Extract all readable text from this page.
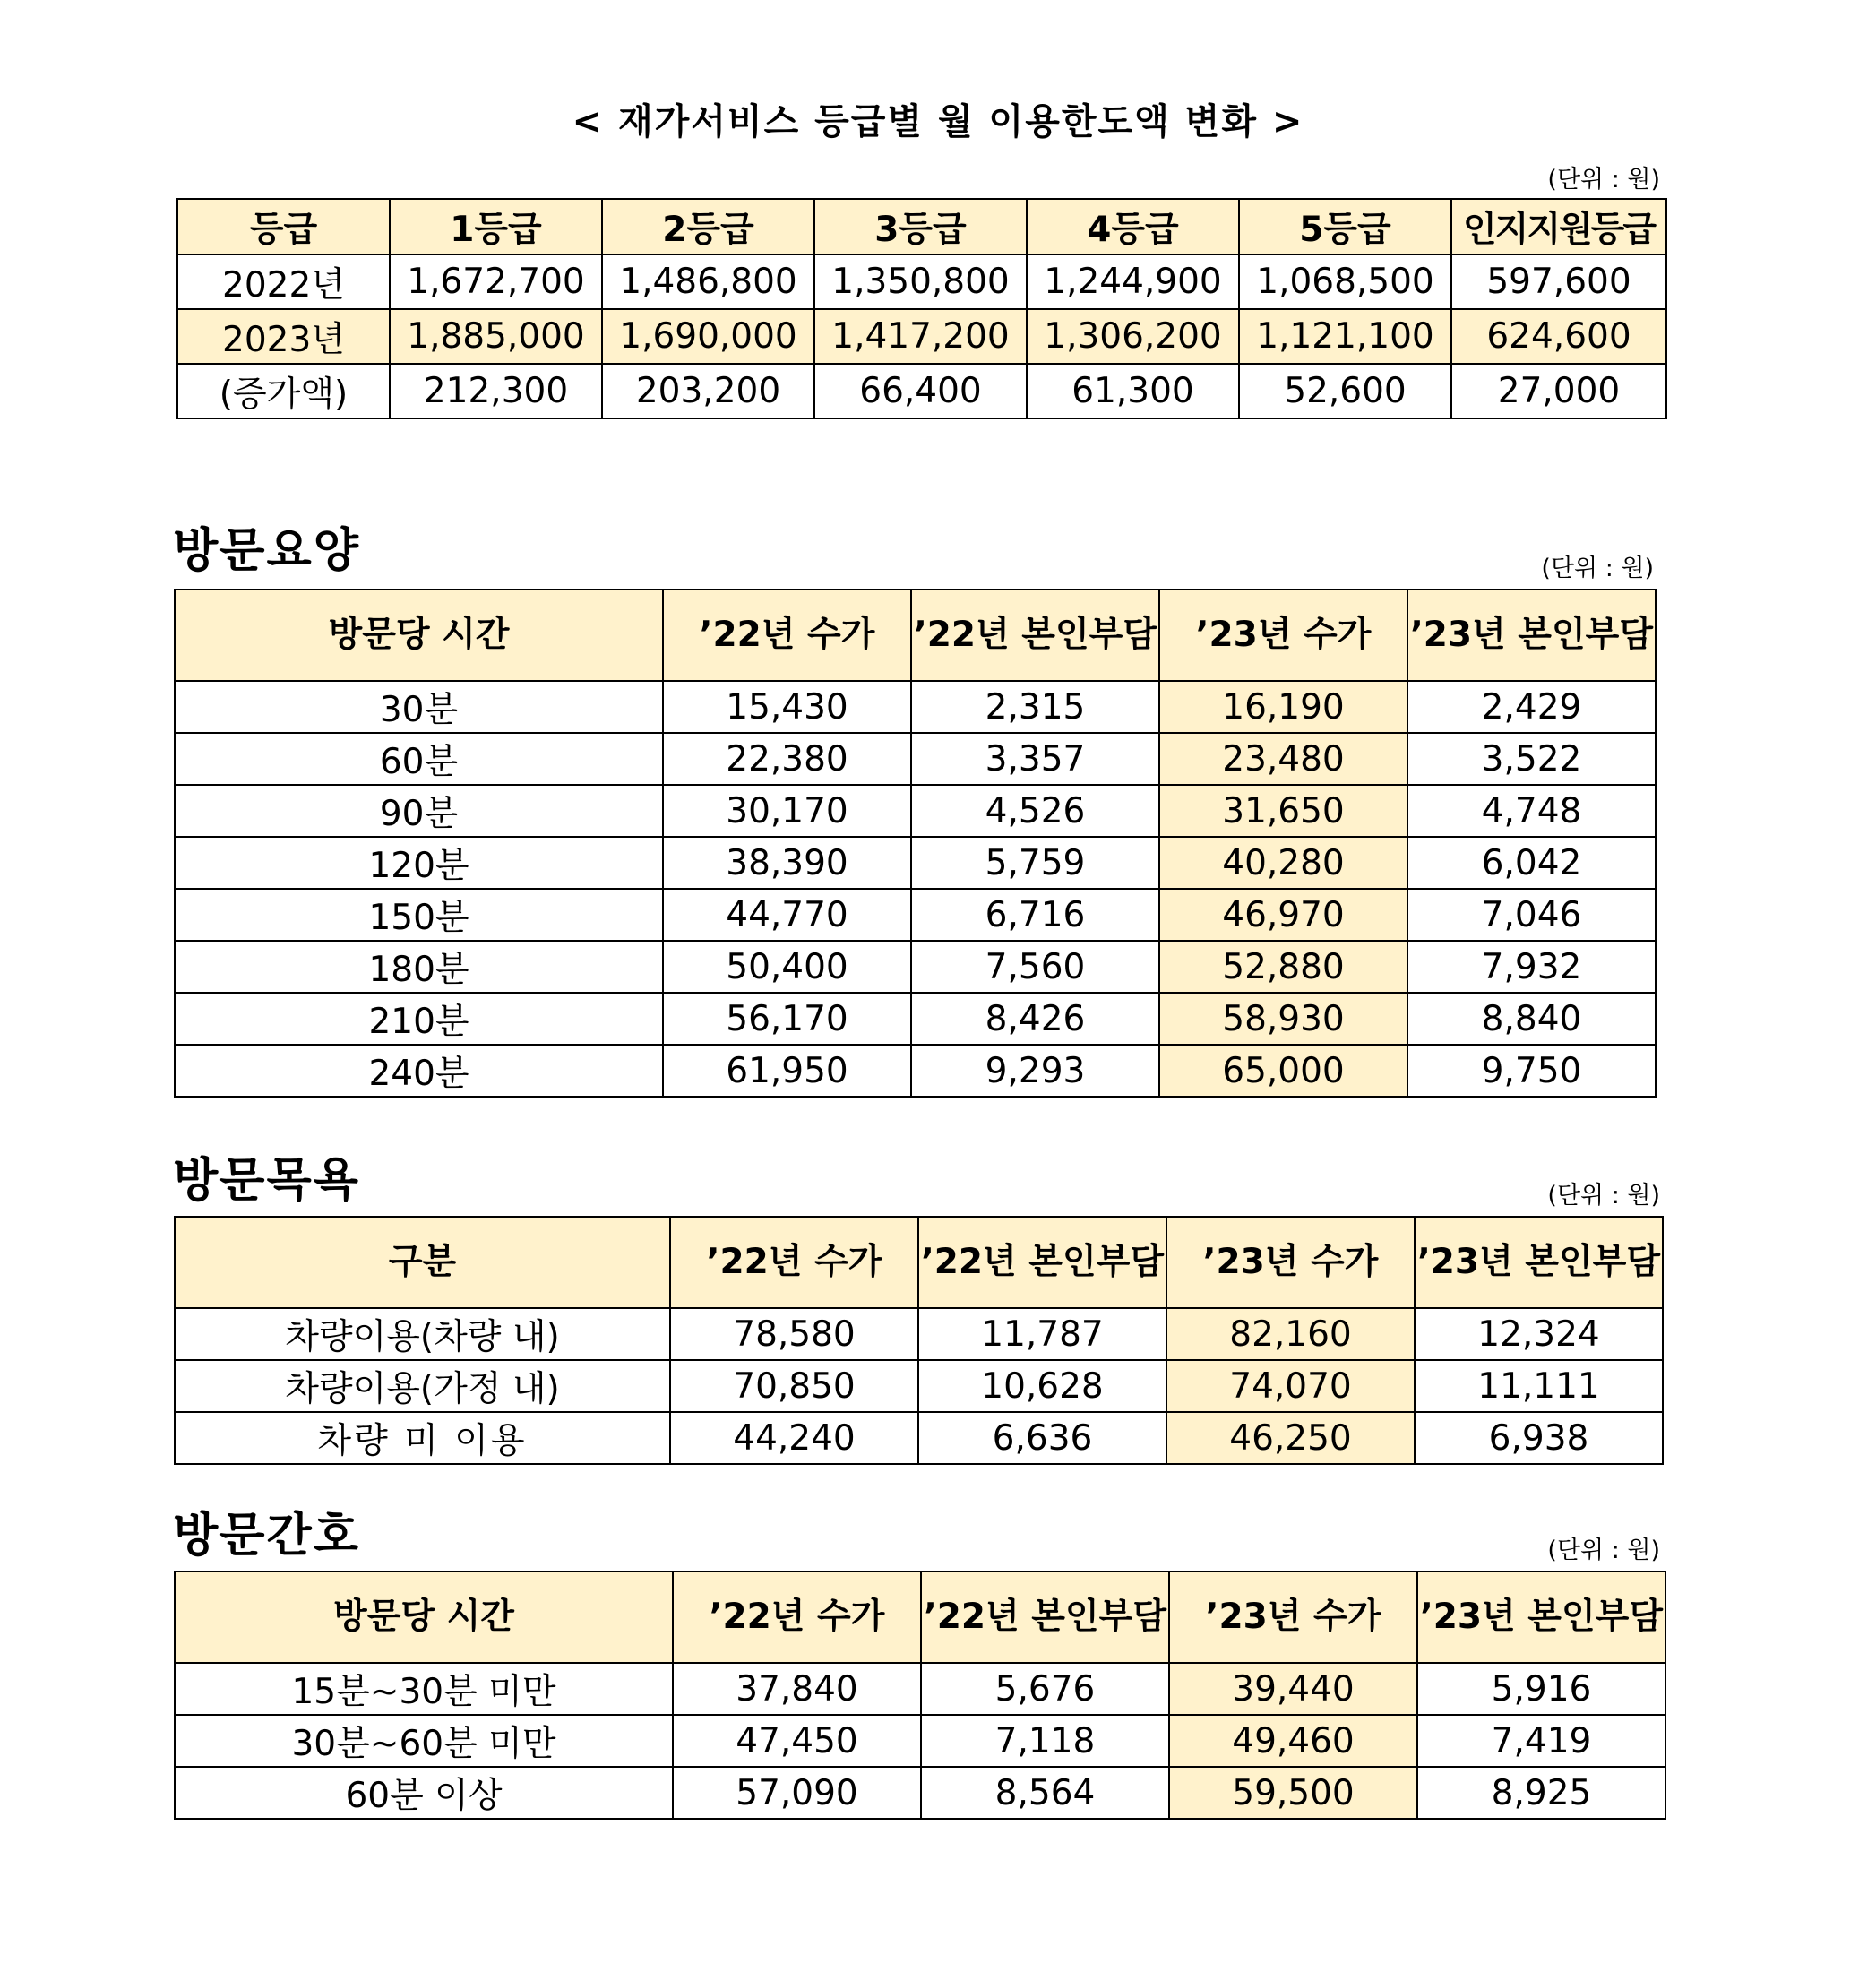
< 재가서비스 등급별 월 이용한도액 변화 >
(단위 : 원)
등급	1등급	2등급	3등급	4등급	5등급	인지지원등급
2022년	1,672,700	1,486,800	1,350,800	1,244,900	1,068,500	597,600
2023년	1,885,000	1,690,000	1,417,200	1,306,200	1,121,100	624,600
(증가액)	212,300	203,200	66,400	61,300	52,600	27,000
방문요양	(단위 : 원)
방문당 시간	’22년 수가	’22년 본인부담	’23년 수가	’23년 본인부담
30분	15,430	2,315	16,190	2,429
60분	22,380	3,357	23,480	3,522
90분	30,170	4,526	31,650	4,748
120분	38,390	5,759	40,280	6,042
150분	44,770	6,716	46,970	7,046
180분	50,400	7,560	52,880	7,932
210분	56,170	8,426	58,930	8,840
240분	61,950	9,293	65,000	9,750
방문목욕	(단위 : 원)
구분	’22년 수가	’22년 본인부담	’23년 수가	’23년 본인부담
차량이용(차량 내)	78,580	11,787	82,160	12,324
차량이용(가정 내)	70,850	10,628	74,070	11,111
차량 미 이용	44,240	6,636	46,250	6,938
방문간호	(단위 : 원)
방문당 시간	’22년 수가	’22년 본인부담	’23년 수가	’23년 본인부담
15분~30분 미만	37,840	5,676	39,440	5,916
30분~60분 미만	47,450	7,118	49,460	7,419
60분 이상	57,090	8,564	59,500	8,925
